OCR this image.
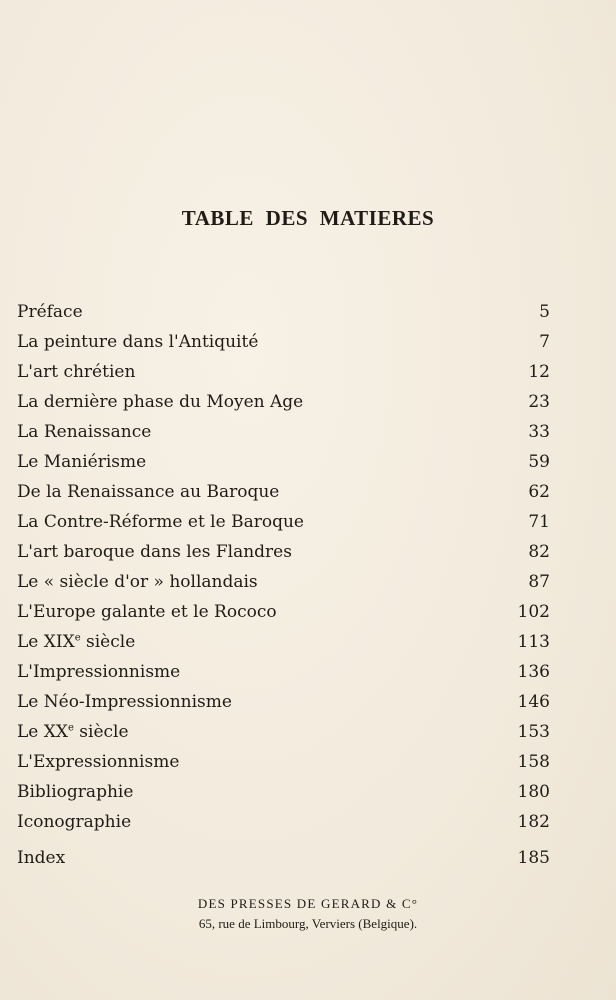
TABLE DES MATIERES
Préface	5
La peinture dans l'Antiquité	7
L'art chrétien	12
La dernière phase du Moyen Age	23
La Renaissance	33
Le Maniérisme	59
De la Renaissance au Baroque	62
La Contre-Réforme et le Baroque	71
L'art baroque dans les Flandres	82
Le « siècle d'or » hollandais	87
L'Europe galante et le Rococo	102
Le XIXe siècle	113
L'Impressionnisme	136
Le Néo-Impressionnisme	146
Le XXe siècle	153
L'Expressionnisme	158
Bibliographie	180
Iconographie	182
Index	185
DES PRESSES DE GERARD & C°
65, rue de Limbourg, Verviers (Belgique).
